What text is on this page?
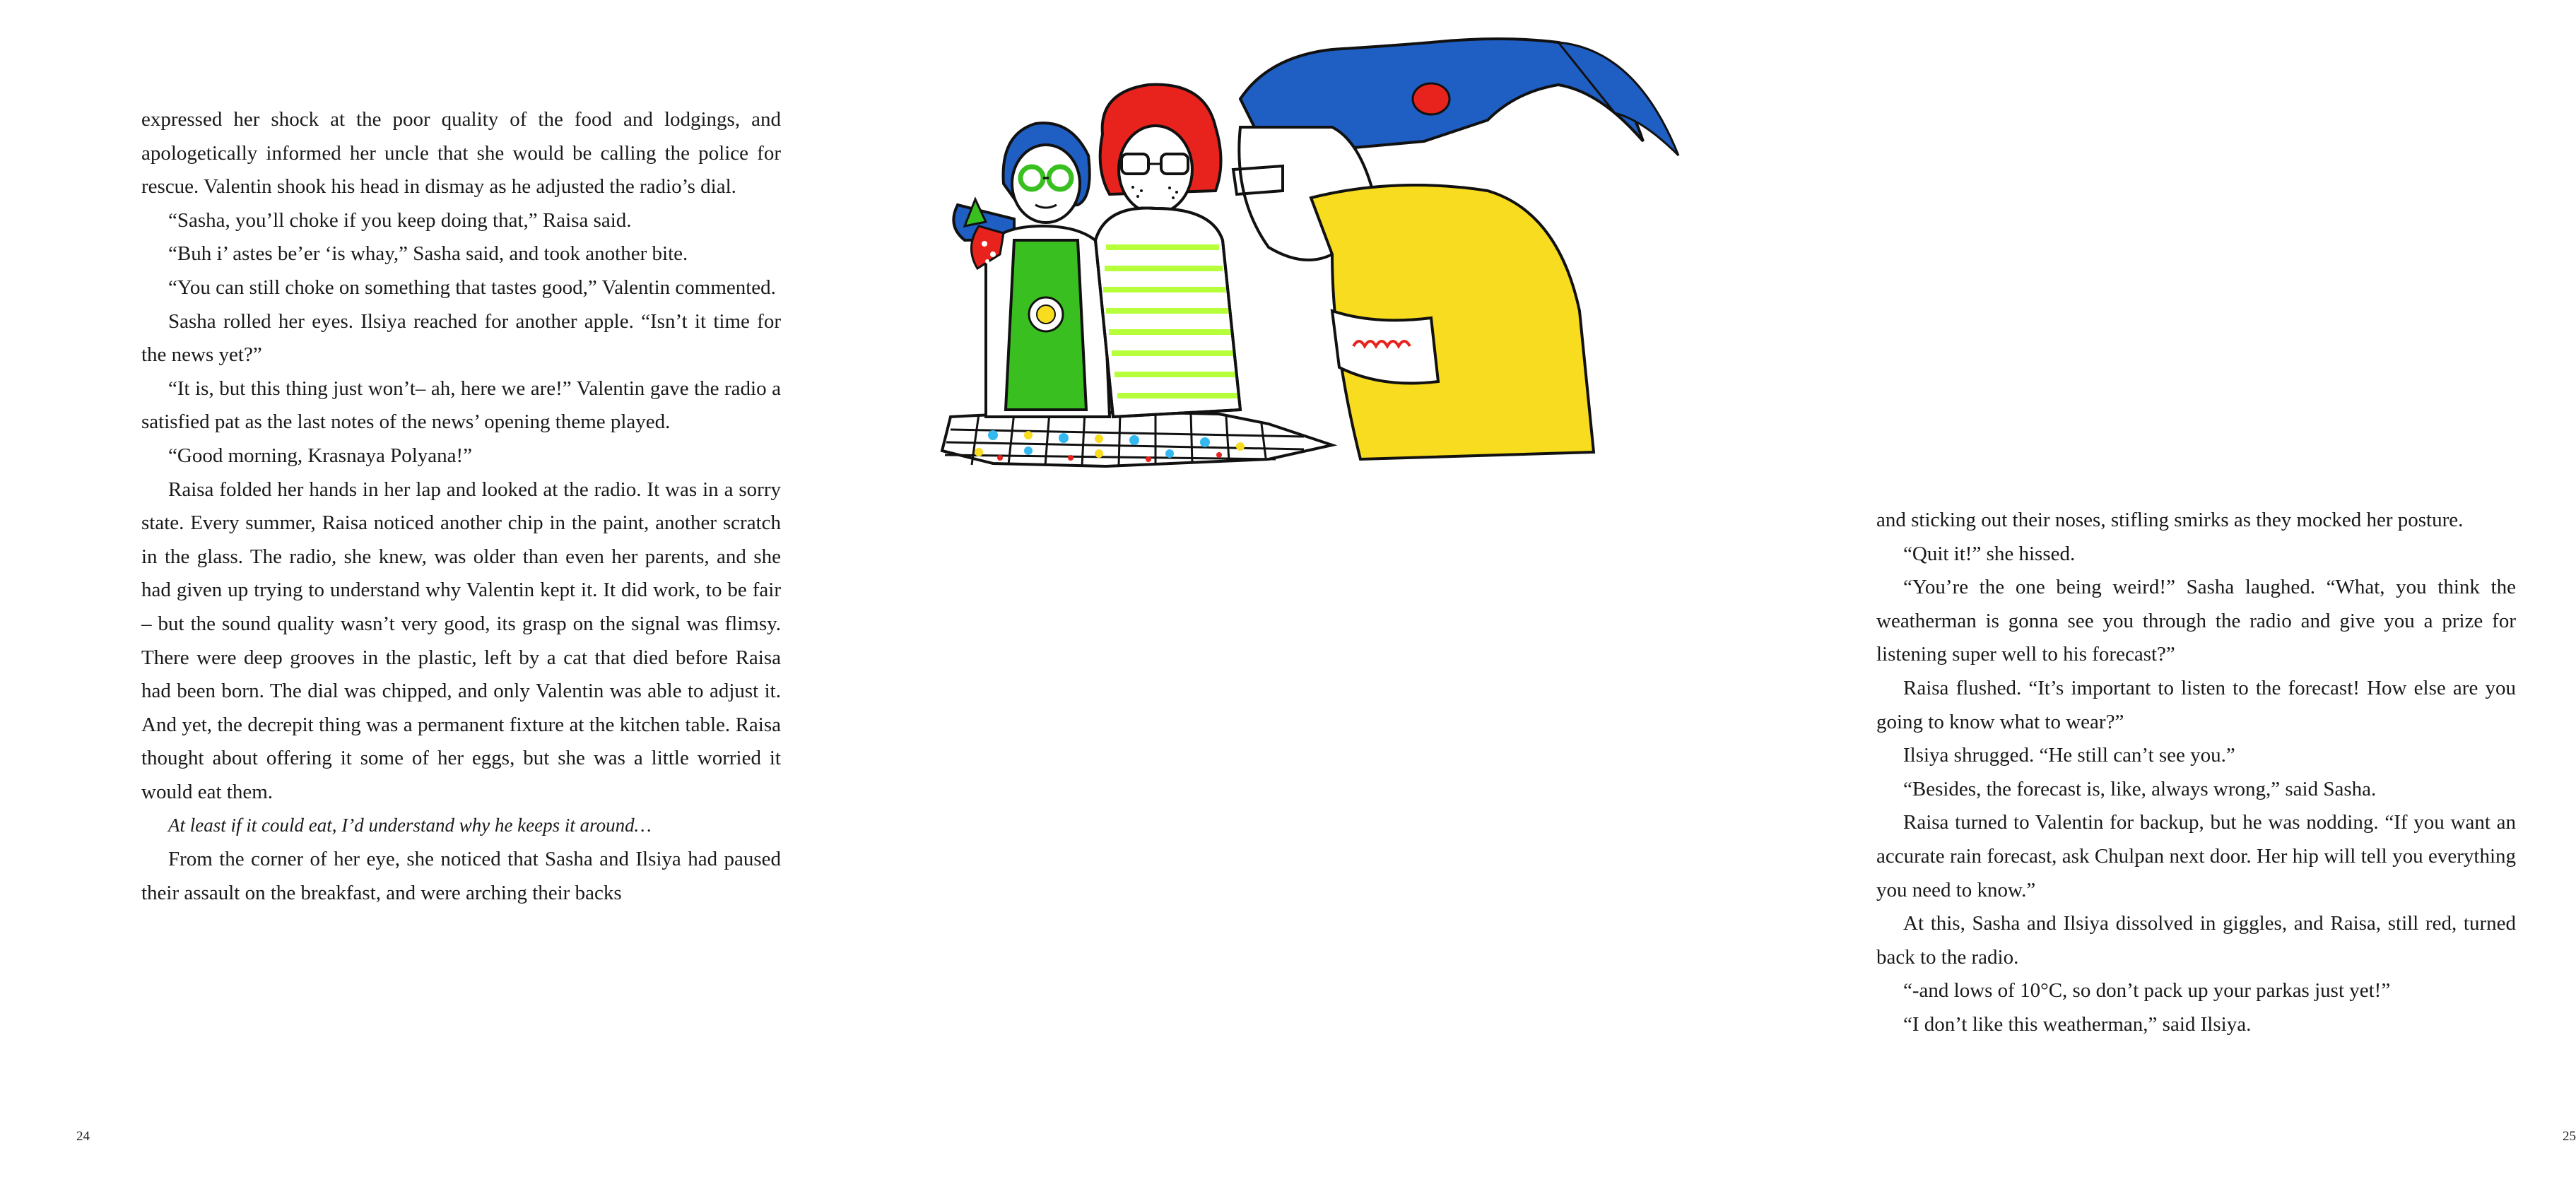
expressed her shock at the poor quality of the food and lodgings, and apologetically informed her uncle that she would be calling the police for rescue. Valentin shook his head in dismay as he adjusted the radio’s dial.

“Sasha, you’ll choke if you keep doing that,” Raisa said.

“Buh i’ astes be’er ‘is whay,” Sasha said, and took another bite.

“You can still choke on something that tastes good,” Valentin commented.

Sasha rolled her eyes. Ilsiya reached for another apple. “Isn’t it time for the news yet?”

“It is, but this thing just won’t– ah, here we are!” Valentin gave the radio a satisfied pat as the last notes of the news’ opening theme played.

“Good morning, Krasnaya Polyana!”

Raisa folded her hands in her lap and looked at the radio. It was in a sorry state. Every summer, Raisa noticed another chip in the paint, another scratch in the glass. The radio, she knew, was older than even her parents, and she had given up trying to understand why Valentin kept it. It did work, to be fair – but the sound quality wasn’t very good, its grasp on the signal was flimsy. There were deep grooves in the plastic, left by a cat that died before Raisa had been born. The dial was chipped, and only Valentin was able to adjust it. And yet, the decrepit thing was a permanent fixture at the kitchen table. Raisa thought about offering it some of her eggs, but she was a little worried it would eat them.

At least if it could eat, I’d understand why he keeps it around…

From the corner of her eye, she noticed that Sasha and Ilsiya had paused their assault on the breakfast, and were arching their backs

24

and sticking out their noses, stifling smirks as they mocked her posture.

“Quit it!” she hissed.

“You’re the one being weird!” Sasha laughed. “What, you think the weatherman is gonna see you through the radio and give you a prize for listening super well to his forecast?”

Raisa flushed. “It’s important to listen to the forecast! How else are you going to know what to wear?”

Ilsiya shrugged. “He still can’t see you.”

“Besides, the forecast is, like, always wrong,” said Sasha.

Raisa turned to Valentin for backup, but he was nodding. “If you want an accurate rain forecast, ask Chulpan next door. Her hip will tell you everything you need to know.”

At this, Sasha and Ilsiya dissolved in giggles, and Raisa, still red, turned back to the radio.

“-and lows of 10°C, so don’t pack up your parkas just yet!”

“I don’t like this weatherman,” said Ilsiya.

25
